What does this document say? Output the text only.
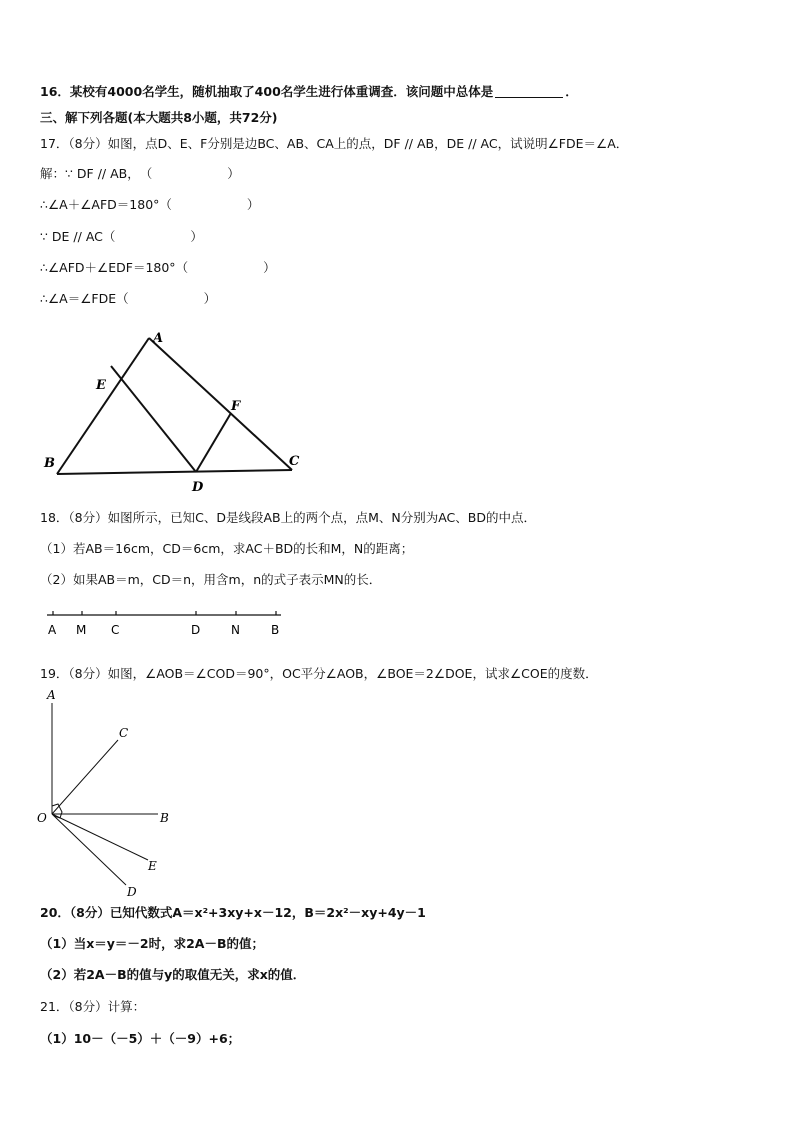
16．某校有4000名学生，随机抽取了400名学生进行体重调查．该问题中总体是	．
三、解下列各题(本大题共8小题，共72分)
17．（8分）如图，点D、E、F分别是边BC、AB、CA上的点，DF // AB，DE // AC，试说明∠FDE＝∠A．
解：∵ DF // AB，（　　　　　　）
∴∠A＋∠AFD＝180°（　　　　　　）
∵ DE // AC（　　　　　　）
∴∠AFD＋∠EDF＝180°（　　　　　　）
∴∠A＝∠FDE（　　　　　　）
A
E
F
B	C
D
A M C	D	N	B
A
C
O	B
E
D
18．（8分）如图所示，已知C、D是线段AB上的两个点，点M、N分别为AC、BD的中点．
（1）若AB＝16cm，CD＝6cm，求AC＋BD的长和M，N的距离；
（2）如果AB＝m，CD＝n，用含m，n的式子表示MN的长．
19．（8分）如图，∠AOB＝∠COD＝90°，OC平分∠AOB，∠BOE＝2∠DOE，试求∠COE的度数．
20．（8分）已知代数式A＝x²+3xy+x－12，B＝2x²－xy+4y－1
（1）当x＝y＝－2时，求2A－B的值；
（2）若2A－B的值与y的取值无关，求x的值．
21．（8分）计算：
（1）10－（－5）＋（－9）+6；
